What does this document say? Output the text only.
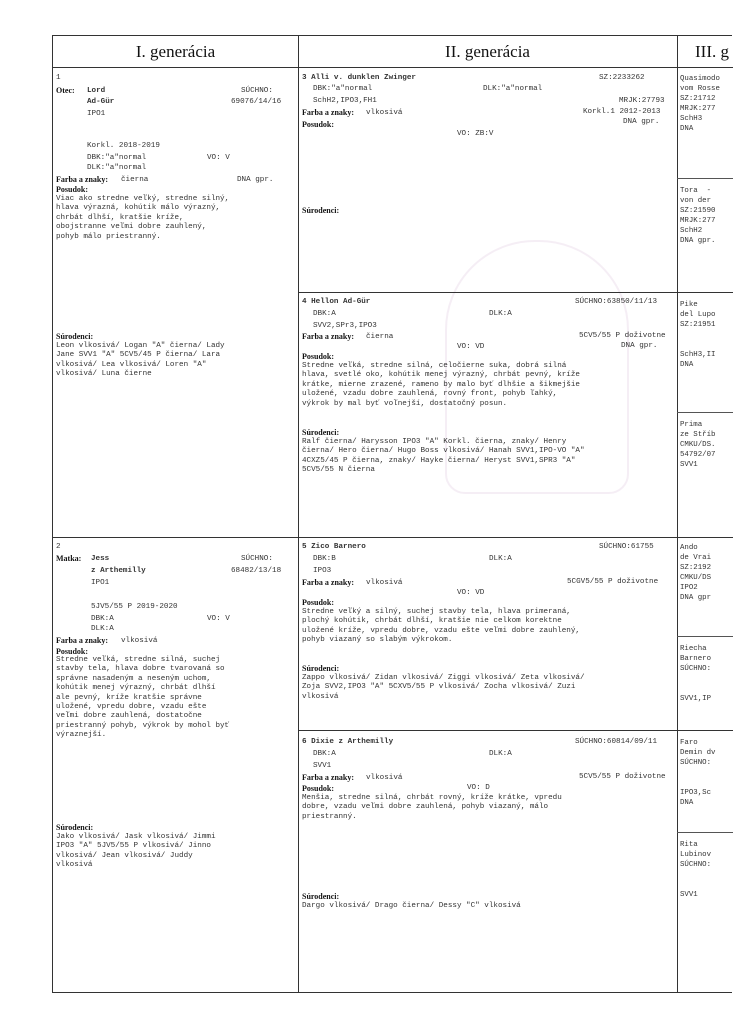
I. generácia	II. generácia	III. g
1
Otec: Lord
Ad-Gür
SÚCHNO:
69076/14/16
IPO1
Korkl. 2018-2019
DBK:"a"normal	VO: V
DLK:"a"normal
Farba a znaky: čierna	DNA gpr.
Posudok:
Viac ako stredne veľký, stredne silný,
hlava výrazná, kohútik málo výrazný,
chrbát dlhší, kratšie kríže,
obojstranne veľmi dobre zauhlený,
pohyb málo priestranný.
Súrodenci:
Leon vlkosivá/ Logan "A" čierna/ Lady
Jane SVV1 "A" 5CV5/45 P čierna/ Lara
vlkosivá/ Lea vlkosivá/ Loren "A"
vlkosivá/ Luna čierne
2
Matka: Jess
z Arthemilly
SÚCHNO:
68482/13/18
IPO1
5JV5/55 P 2019-2020
DBK:A	VO: V
DLK:A
Farba a znaky: vlkosivá
Posudok:
Stredne veľká, stredne silná, suchej
stavby tela, hlava dobre tvarovaná so
správne nasadeným a neseným uchom,
kohútik menej výrazný, chrbát dlhší
ale pevný, krížе kratšie správne
uložené, vpredu dobre, vzadu ešte
veľmi dobre zauhlená, dostatočne
priestranný pohyb, výkrok by mohol byť
výraznejší.
Súrodenci:
Jako vlkosivá/ Jask vlkosivá/ Jimmi
IPO3 "A" 5JV5/55 P vlkosivá/ Jinno
vlkosivá/ Jean vlkosivá/ Juddy
vlkosivá
3 Alli v. dunklen Zwinger	SZ:2233262
DBK:"a"normal	DLK:"a"normal
SchH2,IPO3,FH1	MRJK:27793
Farba a znaky: vlkosivá	Korkl.1 2012-2013
DNA gpr.
Posudok:
VO: ZB:V
Súrodenci:
4 Hellon Ad-Gür	SÚCHNO:63850/11/13
DBK:A	DLK:A
SVV2,SPr3,IPO3
5CV5/55 P doživotne
Farba a znaky: čierna
DNA gpr.
VO: VD
Posudok:
Stredne veľká, stredne silná, celočierne suka, dobrá silná
hlava, svetlé oko, kohútik menej výrazný, chrbát pevný, krížе
krátke, mierne zrazené, rameno by malo byť dlhšie a šikmejšie
uložené, vzadu dobre zauhlená, rovný front, pohyb ľahký,
výkrok by mal byť voľnejší, dostatočný posun.
Súrodenci:
Ralf čierna/ Harysson IPO3 "A" Korkl. čierna, znaky/ Henry
čierna/ Hero čierna/ Hugo Boss vlkosivá/ Hanah SVV1,IPO-VO "A"
4CXZ5/45 P čierna, znaky/ Hayke čierna/ Heryst SVV1,SPR3 "A"
5CV5/55 N čierna
5 Zico Barnero	SÚCHNO:61755
DBK:B	DLK:A
IPO3
5CGV5/55 P doživotne
Farba a znaky: vlkosivá
VO: VD
Posudok:
Stredne veľký a silný, suchej stavby tela, hlava primeraná,
plochý kohútik, chrbát dlhší, kratšie nie celkom korektne
uložené krížе, vpredu dobre, vzadu ešte veľmi dobre zauhlený,
pohyb viazaný so slabým výkrokom.
Súrodenci:
Zappo vlkosivá/ Zidan vlkosivá/ Ziggi vlkosivá/ Zeta vlkosivá/
Zoja SVV2,IPO3 "A" 5CXV5/55 P vlkosivá/ Zocha vlkosivá/ Zuzi
vlkosivá
6 Dixie z Arthemilly	SÚCHNO:60814/09/11
DBK:A	DLK:A
SVV1
5CV5/55 P doživotne
Farba a znaky: vlkosivá
VO: D
Posudok:
Menšia, stredne silná, chrbát rovný, krížе krátke, vpredu
dobre, vzadu veľmi dobre zauhlená, pohyb viazaný, málo
priestranný.
Súrodenci:
Dargo vlkosivá/ Drago čierna/ Dessy "C" vlkosivá
Quasimodo
vom Rosse
SZ:21712
MRJK:277
SchH3
DNA
Tora  -
von der
SZ:21590
MRJK:277
SchH2
DNA gpr.
Pike
del Lupo
SZ:21951

SchH3,II
DNA
Prima
ze Stříb
CMKU/DS.
54792/07
SVV1
Ando
de Vrai
SZ:2192
CMKU/DS
IPO2
DNA gpr
Riecha
Barnero
SÚCHNO:

SVV1,IP
Faro
Demin dv
SÚCHNO:

IPO3,Sc
DNA
Rita
Lubinov
SÚCHNO:

SVV1
